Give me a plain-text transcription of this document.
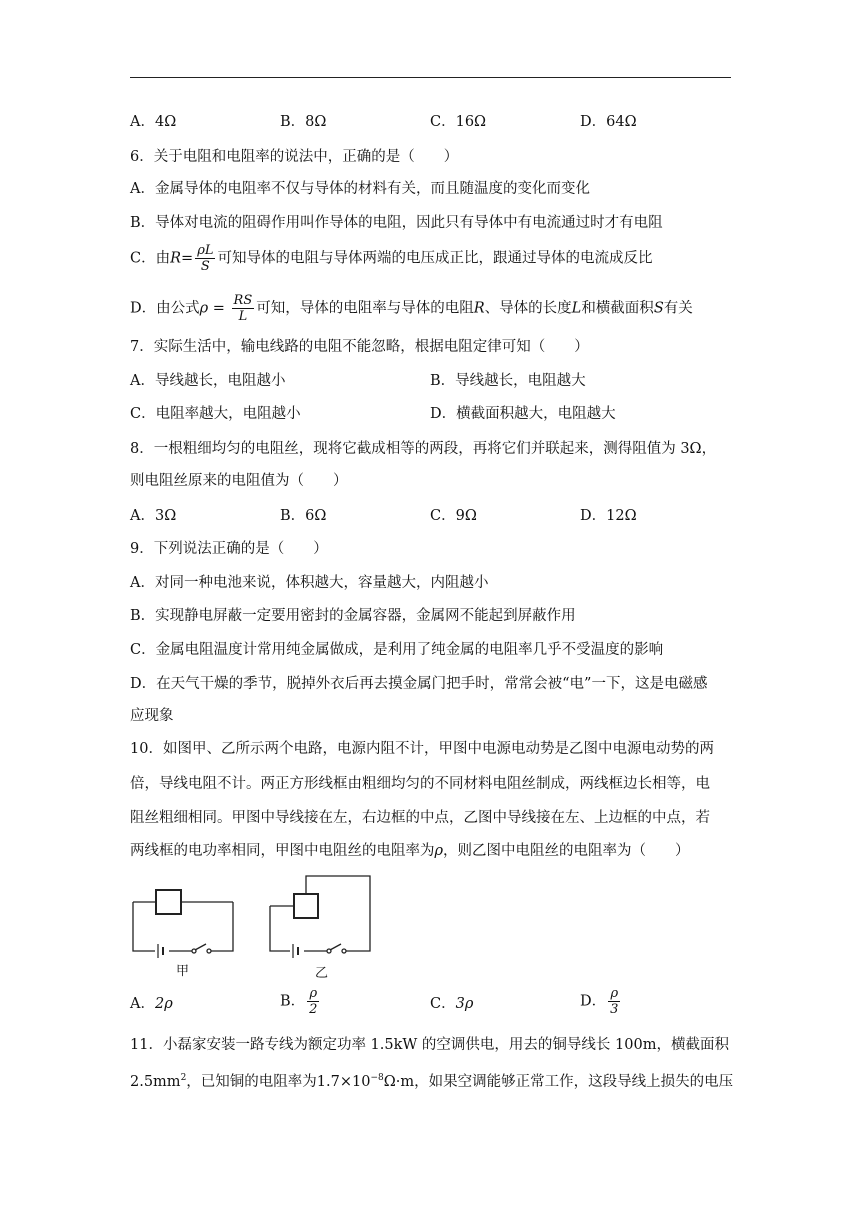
A．4Ω	B．8Ω	C．16Ω	D．64Ω
6．关于电阻和电阻率的说法中，正确的是（　　）
A．金属导体的电阻率不仅与导体的材料有关，而且随温度的变化而变化
B．导体对电流的阻碍作用叫作导体的电阻，因此只有导体中有电流通过时才有电阻
C．由$R= \frac{\rho L}{S}$ 可知导体的电阻与导体两端的电压成正比，跟通过导体的电流成反比
D．由公式$\rho = \frac{RS}{L}$ 可知，导体的电阻率与导体的电阻R、导体的长度L和横截面积S有关
7．实际生活中，输电线路的电阻不能忽略，根据电阻定律可知（　　）
A．导线越长，电阻越小	B．导线越长，电阻越大
C．电阻率越大，电阻越小	D．横截面积越大，电阻越大
8．一根粗细均匀的电阻丝，现将它截成相等的两段，再将它们并联起来，测得阻值为 3Ω，
则电阻丝原来的电阻值为（　　）
A．3Ω	B．6Ω	C．9Ω	D．12Ω
9．下列说法正确的是（　　）
A．对同一种电池来说，体积越大，容量越大，内阻越小
B．实现静电屏蔽一定要用密封的金属容器，金属网不能起到屏蔽作用
C．金属电阻温度计常用纯金属做成，是利用了纯金属的电阻率几乎不受温度的影响
D．在天气干燥的季节，脱掉外衣后再去摸金属门把手时，常常会被“电”一下，这是电磁感
应现象
10．如图甲、乙所示两个电路，电源内阻不计，甲图中电源电动势是乙图中电源电动势的两
倍，导线电阻不计。两正方形线框由粗细均匀的不同材料电阻丝制成，两线框边长相等，电
阻丝粗细相同。甲图中导线接在左，右边框的中点，乙图中导线接在左、上边框的中点，若
两线框的电功率相同，甲图中电阻丝的电阻率为ρ，则乙图中电阻丝的电阻率为（　　）
甲	乙
A．2ρ	B． $\frac{\rho}{2}$	C．3ρ	D． $\frac{\rho}{3}$
11．小磊家安装一路专线为额定功率 1.5kW 的空调供电，用去的铜导线长 100m，横截面积
$2.5mm^2$，已知铜的电阻率为$1.7\times 10^{-8}\Omega\cdot m$，如果空调能够正常工作，这段导线上损失的电压
